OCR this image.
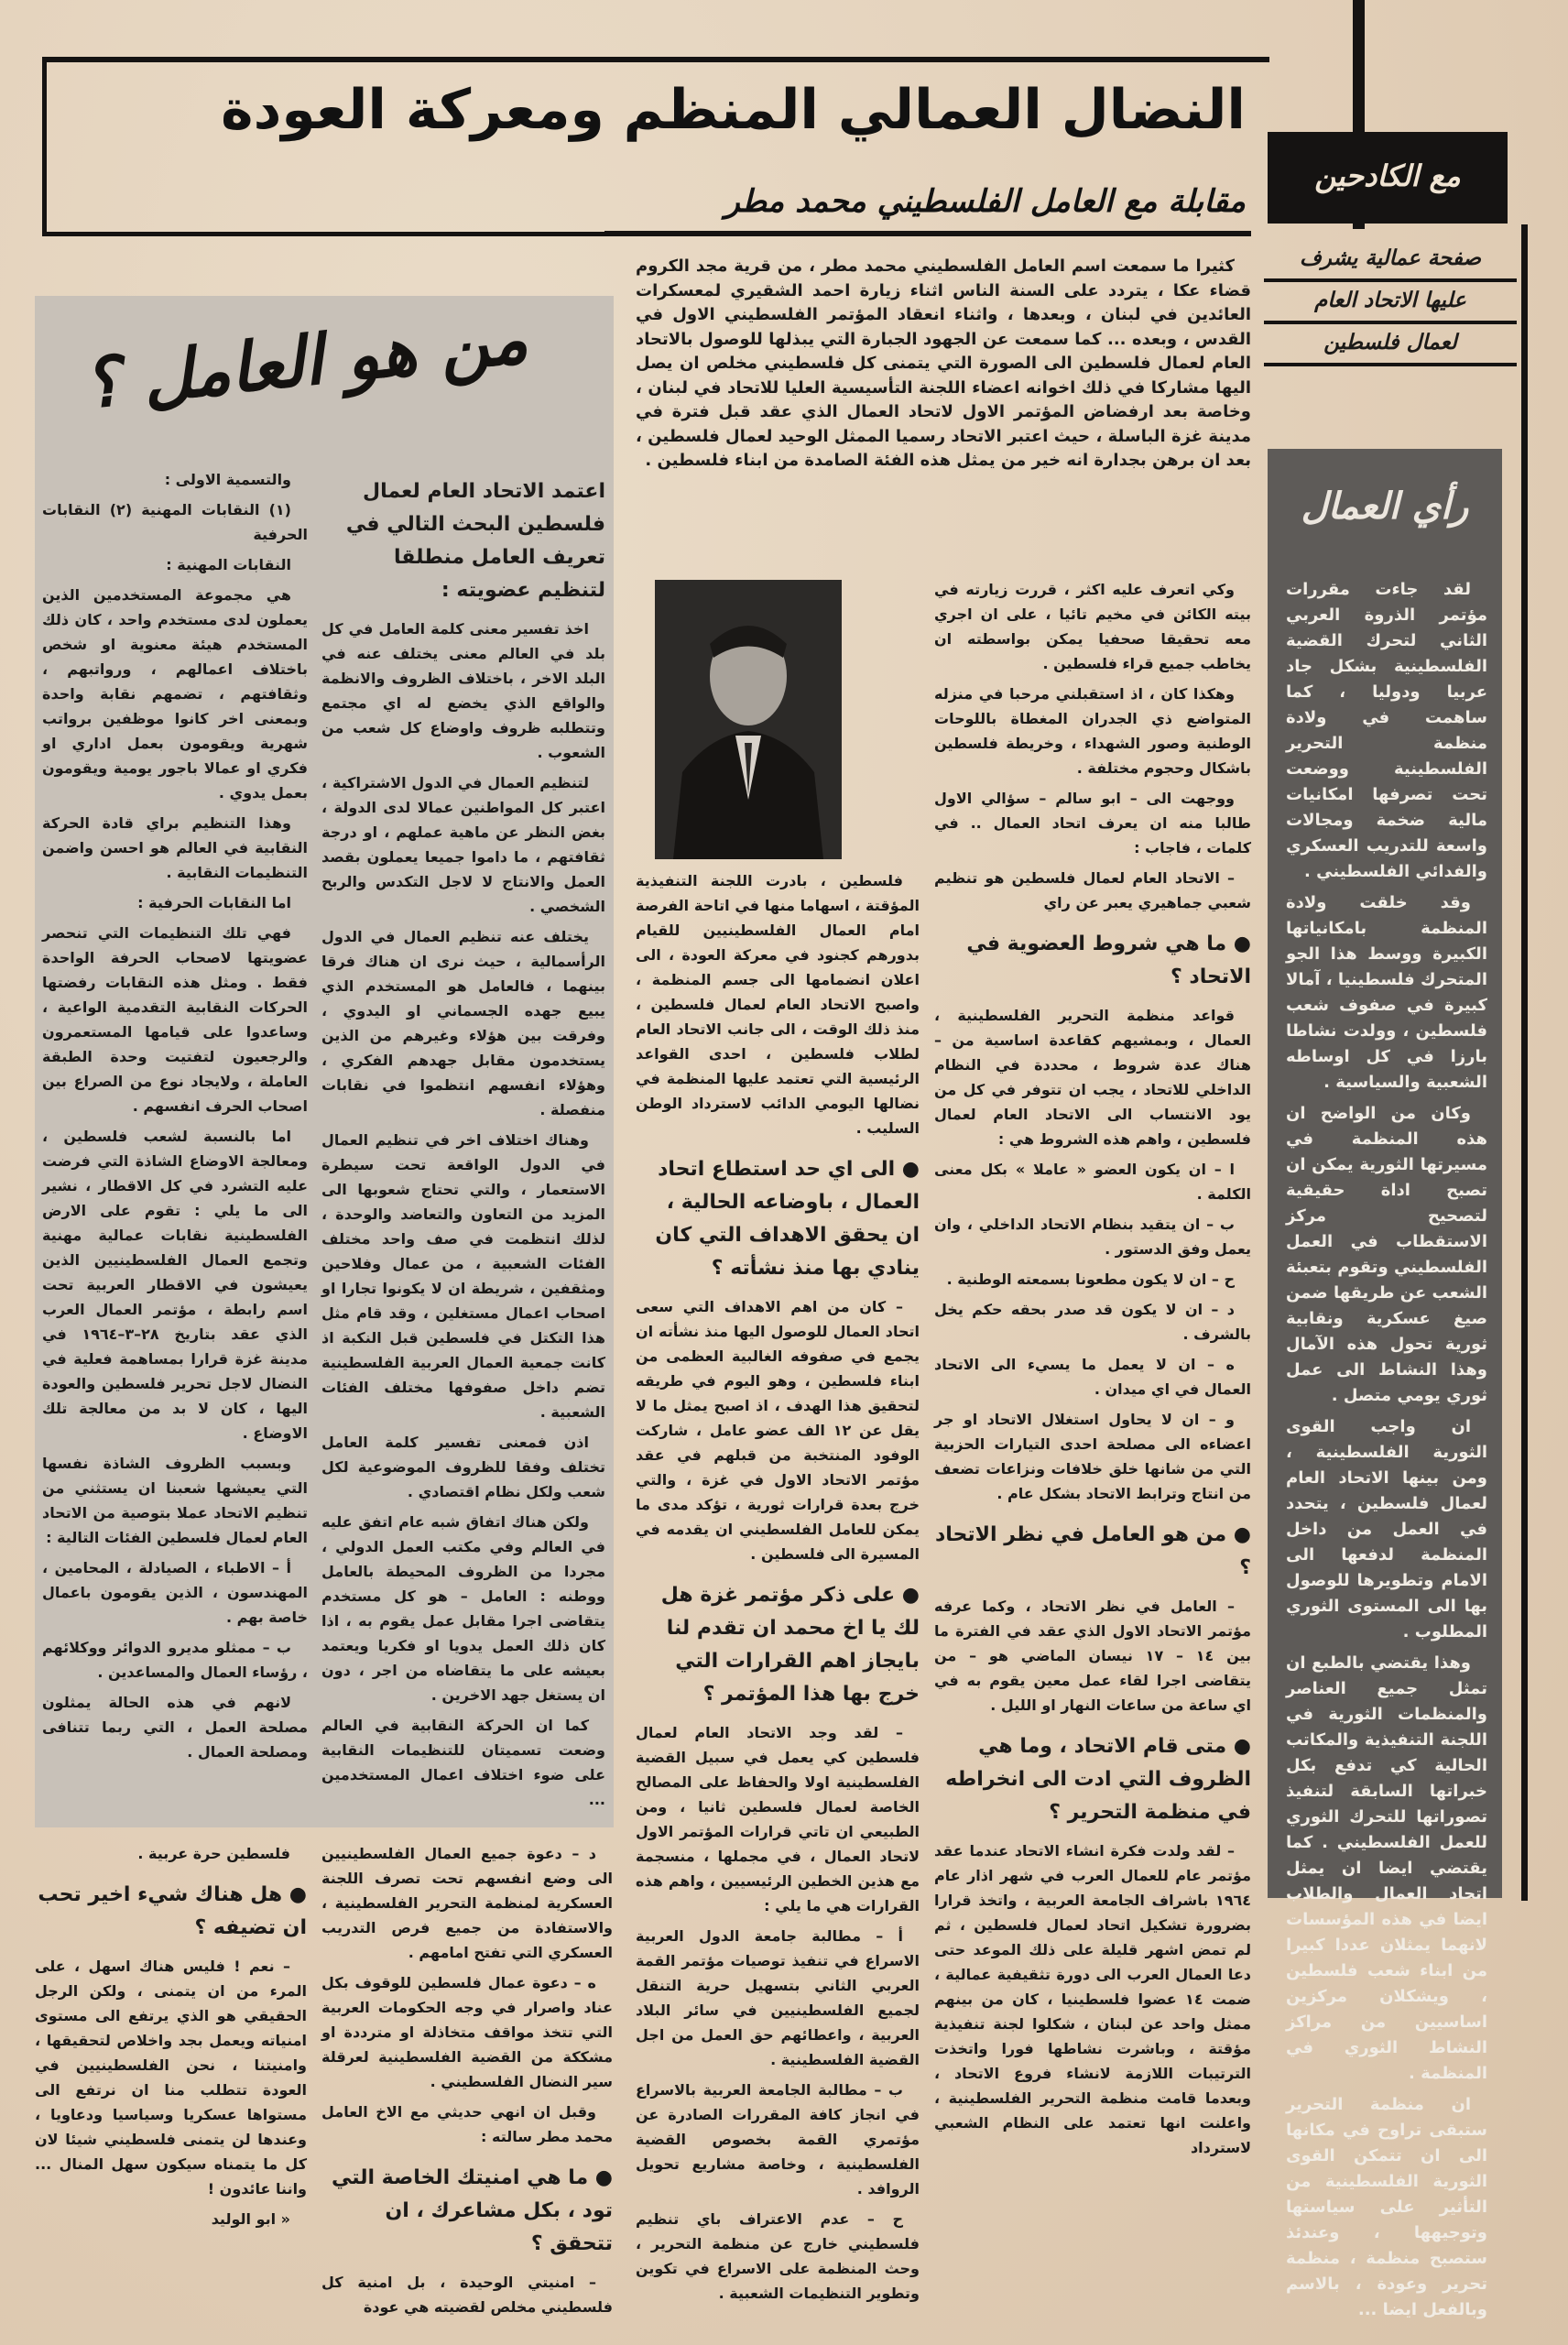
النضال العمالي المنظم ومعركة العودة
مقابلة مع العامل الفلسطيني محمد مطر
مع الكادحين
صفحة عمالية يشرف
عليها الاتحاد العام
لعمال فلسطين

كثيرا ما سمعت اسم العامل الفلسطيني محمد مطر ، من قرية مجد الكروم قضاء عكا ، يتردد على السنة الناس اثناء زيارة احمد الشقيري لمعسكرات العائدين في لبنان ، وبعدها ، واثناء انعقاد المؤتمر الفلسطيني الاول في القدس ، وبعده ... كما سمعت عن الجهود الجبارة التي يبذلها للوصول بالاتحاد العام لعمال فلسطين الى الصورة التي يتمنى كل فلسطيني مخلص ان يصل اليها مشاركا في ذلك اخوانه اعضاء اللجنة التأسيسية العليا للاتحاد في لبنان ، وخاصة بعد ارفضاض المؤتمر الاول لاتحاد العمال الذي عقد قبل فترة في مدينة غزة الباسلة ، حيث اعتبر الاتحاد رسميا الممثل الوحيد لعمال فلسطين ، بعد ان برهن بجدارة انه خير من يمثل هذه الفئة الصامدة من ابناء فلسطين .

فلسطين ، بادرت اللجنة التنفيذية المؤقتة ، اسهاما منها في اتاحة الفرصة امام العمال الفلسطينيين للقيام بدورهم كجنود في معركة العودة ، الى اعلان انضمامها الى جسم المنظمة ، واصبح الاتحاد العام لعمال فلسطين ، منذ ذلك الوقت ، الى جانب الاتحاد العام لطلاب فلسطين ، احدى القواعد الرئيسية التي تعتمد عليها المنظمة في نضالها اليومي الدائب لاسترداد الوطن السليب .

● الى اي حد استطاع اتحاد العمال ، باوضاعه الحالية ، ان يحقق الاهداف التي كان ينادي بها منذ نشأته ؟

– كان من اهم الاهداف التي سعى اتحاد العمال للوصول اليها منذ نشأته ان يجمع في صفوفه الغالبية العظمى من ابناء فلسطين ، وهو اليوم في طريقه لتحقيق هذا الهدف ، اذ اصبح يمثل ما لا يقل عن ١٢ الف عضو عامل ، شاركت الوفود المنتخبة من قبلهم في عقد مؤتمر الاتحاد الاول في غزة ، والتي خرج بعدة قرارات ثورية ، تؤكد مدى ما يمكن للعامل الفلسطيني ان يقدمه في المسيرة الى فلسطين .

● على ذكر مؤتمر غزة هل لك يا اخ محمد ان تقدم لنا بايجاز اهم القرارات التي خرج بها هذا المؤتمر ؟

– لقد وجد الاتحاد العام لعمال فلسطين كي يعمل في سبيل القضية الفلسطينية اولا والحفاظ على المصالح الخاصة لعمال فلسطين ثانيا ، ومن الطبيعي ان تاتي قرارات المؤتمر الاول لاتحاد العمال ، في مجملها ، منسجمة مع هذين الخطين الرئيسيين ، واهم هذه القرارات هي ما يلي :

أ – مطالبة جامعة الدول العربية الاسراع في تنفيذ توصيات مؤتمر القمة العربي الثاني بتسهيل حرية التنقل لجميع الفلسطينيين في سائر البلاد العربية ، واعطائهم حق العمل من اجل القضية الفلسطينية .

ب – مطالبة الجامعة العربية بالاسراع في انجاز كافة المقررات الصادرة عن مؤتمري القمة بخصوص القضية الفلسطينية ، وخاصة مشاريع تحويل الروافد .

ح – عدم الاعتراف باي تنظيم فلسطيني خارج عن منظمة التحرير ، وحث المنظمة على الاسراع في تكوين وتطوير التنظيمات الشعبية .

وكي اتعرف عليه اكثر ، قررت زيارته في بيته الكائن في مخيم تائيا ، على ان اجري معه تحقيقا صحفيا يمكن بواسطته ان يخاطب جميع قراء فلسطين .

وهكذا كان ، اذ استقبلني مرحبا في منزله المتواضع ذي الجدران المغطاة باللوحات الوطنية وصور الشهداء ، وخريطة فلسطين باشكال وحجوم مختلفة .

ووجهت الى – ابو سالم – سؤالي الاول طالبا منه ان يعرف اتحاد العمال .. في كلمات ، فاجاب :

– الاتحاد العام لعمال فلسطين هو تنظيم شعبي جماهيري يعبر عن راي

● ما هي شروط العضوية في الاتحاد ؟

قواعد منظمة التحرير الفلسطينية ، العمال ، وبمشيهم كقاعدة اساسية من – هناك عدة شروط ، محددة في النظام الداخلي للاتحاد ، يجب ان تتوفر في كل من يود الانتساب الى الاتحاد العام لعمال فلسطين ، واهم هذه الشروط هي :

ا – ان يكون العضو « عاملا » بكل معنى الكلمة .

ب – ان يتقيد بنظام الاتحاد الداخلي ، وان يعمل وفق الدستور .

ح – ان لا يكون مطعونا بسمعته الوطنية .

د – ان لا يكون قد صدر بحقه حكم يخل بالشرف .

ه – ان لا يعمل ما يسيء الى الاتحاد العمال في اي ميدان .

و – ان لا يحاول استغلال الاتحاد او جر اعضاءه الى مصلحة احدى التيارات الحزبية التي من شانها خلق خلافات ونزاعات تضعف من انتاج وترابط الاتحاد بشكل عام .

● من هو العامل في نظر الاتحاد ؟

– العامل في نظر الاتحاد ، وكما عرفه مؤتمر الاتحاد الاول الذي عقد في الفترة ما بين ١٤ – ١٧ نيسان الماضي هو – من يتقاضى اجرا لقاء عمل معين يقوم به في اي ساعة من ساعات النهار او الليل .

● متى قام الاتحاد ، وما هي الظروف التي ادت الى انخراطه في منظمة التحرير ؟

– لقد ولدت فكرة انشاء الاتحاد عندما عقد مؤتمر عام للعمال العرب في شهر اذار عام ١٩٦٤ باشراف الجامعة العربية ، واتخذ قرارا بضرورة تشكيل اتحاد لعمال فلسطين ، ثم لم تمض اشهر قليلة على ذلك الموعد حتى دعا العمال العرب الى دورة تثقيفية عمالية ، ضمت ١٤ عضوا فلسطينيا ، كان من بينهم ممثل واحد عن لبنان ، شكلوا لجنة تنفيذية مؤقتة ، وباشرت نشاطها فورا واتخذت الترتيبات اللازمة لانشاء فروع الاتحاد ، وبعدما قامت منظمة التحرير الفلسطينية ، واعلنت انها تعتمد على النظام الشعبي لاسترداد

من هو العامل ؟
اعتمد الاتحاد العام لعمال فلسطين البحث التالي في تعريف العامل منطلقا لتنظيم عضويته :

اخذ تفسير معنى كلمة العامل في كل بلد في العالم معنى يختلف عنه في البلد الاخر ، باختلاف الظروف والانظمة والواقع الذي يخضع له اي مجتمع وتتطلبه ظروف واوضاع كل شعب من الشعوب .

لتنظيم العمال في الدول الاشتراكية ، اعتبر كل المواطنين عمالا لدى الدولة ، بغض النظر عن ماهية عملهم ، او درجة ثقافتهم ، ما داموا جميعا يعملون بقصد العمل والانتاج لا لاجل التكدس والربح الشخصي .

يختلف عنه تنظيم العمال في الدول الرأسمالية ، حيث نرى ان هناك فرقا بينهما ، فالعامل هو المستخدم الذي يبيع جهده الجسماني او اليدوي ، وفرقت بين هؤلاء وغيرهم من الذين يستخدمون مقابل جهدهم الفكري ، وهؤلاء انفسهم انتظموا في نقابات منفصلة .

وهناك اختلاف اخر في تنظيم العمال في الدول الواقعة تحت سيطرة الاستعمار ، والتي تحتاج شعوبها الى المزيد من التعاون والتعاضد والوحدة ، لذلك انتظمت في صف واحد مختلف الفئات الشعبية ، من عمال وفلاحين ومثقفين ، شريطة ان لا يكونوا تجارا او اصحاب اعمال مستغلين ، وقد قام مثل هذا التكتل في فلسطين قبل النكبة اذ كانت جمعية العمال العربية الفلسطينية تضم داخل صفوفها مختلف الفئات الشعبية .

اذن فمعنى تفسير كلمة العامل تختلف وفقا للظروف الموضوعية لكل شعب ولكل نظام اقتصادي .

ولكن هناك اتفاق شبه عام اتفق عليه في العالم وفي مكتب العمل الدولي ، مجردا من الظروف المحيطة بالعامل ووطنه : العامل – هو كل مستخدم يتقاضى اجرا مقابل عمل يقوم به ، اذا كان ذلك العمل يدويا او فكريا ويعتمد بعيشه على ما يتقاضاه من اجر ، دون ان يستغل جهد الاخرين .

كما ان الحركة النقابية في العالم وضعت تسميتان للتنظيمات النقابية على ضوء اختلاف اعمال المستخدمين ...

والتسمية الاولى :

(١) النقابات المهنية (٢) النقابات الحرفية

النقابات المهنية :

هي مجموعة المستخدمين الذين يعملون لدى مستخدم واحد ، كان ذلك المستخدم هيئة معنوية او شخص باختلاف اعمالهم ، ورواتبهم ، وثقافتهم ، تضمهم نقابة واحدة وبمعنى اخر كانوا موظفين برواتب شهرية ويقومون بعمل اداري او فكري او عمالا باجور يومية ويقومون بعمل يدوي .

وهذا التنظيم براي قادة الحركة النقابية في العالم هو احسن واضمن التنظيمات النقابية .

اما النقابات الحرفية :

فهي تلك التنظيمات التي تنحصر عضويتها لاصحاب الحرفة الواحدة فقط . ومثل هذه النقابات رفضتها الحركات النقابية التقدمية الواعية ، وساعدوا على قيامها المستعمرون والرجعيون لتفتيت وحدة الطبقة العاملة ، ولايجاد نوع من الصراع بين اصحاب الحرف انفسهم .

اما بالنسبة لشعب فلسطين ، ومعالجة الاوضاع الشاذة التي فرضت عليه التشرد في كل الاقطار ، نشير الى ما يلي : تقوم على الارض الفلسطينية نقابات عمالية مهنية وتجمع العمال الفلسطينيين الذين يعيشون في الاقطار العربية تحت اسم رابطة ، مؤتمر العمال العرب الذي عقد بتاريخ ٢٨–٣–١٩٦٤ في مدينة غزة قرارا بمساهمة فعلية في النضال لاجل تحرير فلسطين والعودة اليها ، كان لا بد من معالجة تلك الاوضاع .

وبسبب الظروف الشاذة نفسها التي يعيشها شعبنا ان يستثني من تنظيم الاتحاد عملا بتوصية من الاتحاد العام لعمال فلسطين الفئات التالية :

أ – الاطباء ، الصيادلة ، المحامين ، المهندسون ، الذين يقومون باعمال خاصة بهم .

ب – ممثلو مديرو الدوائر ووكلائهم ، رؤساء العمال والمساعدين .

لانهم في هذه الحالة يمثلون مصلحة العمل ، التي ربما تتنافى ومصلحة العمال .

د – دعوة جميع العمال الفلسطينيين الى وضع انفسهم تحت تصرف اللجنة العسكرية لمنظمة التحرير الفلسطينية ، والاستفادة من جميع فرص التدريب العسكري التي تفتح امامهم .

ه – دعوة عمال فلسطين للوقوف بكل عناد واصرار في وجه الحكومات العربية التي تتخذ مواقف متخاذلة او مترددة او مشككة من القضية الفلسطينية لعرقلة سير النضال الفلسطيني .

وقبل ان انهي حديثي مع الاخ العامل محمد مطر سالته :

● ما هي امنيتك الخاصة التي تود ، بكل مشاعرك ، ان تتحقق ؟

– امنيتي الوحيدة ، بل امنية كل فلسطيني مخلص لقضيته هي عودة

فلسطين حرة عربية .

● هل هناك شيء اخير تحب ان تضيفه ؟

– نعم ! فليس هناك اسهل ، على المرء من ان يتمنى ، ولكن الرجل الحقيقي هو الذي يرتفع الى مستوى امنياته ويعمل بجد واخلاص لتحقيقها ، وامنيتنا ، نحن الفلسطينيين في العودة تتطلب منا ان نرتفع الى مستواها عسكريا وسياسيا ودعاويا ، وعندها لن يتمنى فلسطيني شيئا لان كل ما يتمناه سيكون سهل المنال ... واننا عائدون !

« ابو الوليد

رأي العمال

لقد جاءت مقررات مؤتمر الذروة العربي الثاني لتحرك القضية الفلسطينية بشكل جاد عربيا ودوليا ، كما ساهمت في ولادة منظمة التحرير الفلسطينية ووضعت تحت تصرفها امكانيات مالية ضخمة ومجالات واسعة للتدريب العسكري والفدائي الفلسطيني .

وقد خلقت ولادة المنظمة بامكانياتها الكبيرة ووسط هذا الجو المتحرك فلسطينيا ، آمالا كبيرة في صفوف شعب فلسطين ، وولدت نشاطا بارزا في كل اوساطه الشعبية والسياسية .

وكان من الواضح ان هذه المنظمة في مسيرتها الثورية يمكن ان تصبح اداة حقيقية لتصحيح مركز الاستقطاب في العمل الفلسطيني وتقوم بتعبئة الشعب عن طريقها ضمن صيغ عسكرية ونقابية ثورية تحول هذه الآمال وهذا النشاط الى عمل ثوري يومي متصل .

ان واجب القوى الثورية الفلسطينية ، ومن بينها الاتحاد العام لعمال فلسطين ، يتحدد في العمل من داخل المنظمة لدفعها الى الامام وتطويرها للوصول بها الى المستوى الثوري المطلوب .

وهذا يقتضي بالطبع ان تمثل جميع العناصر والمنظمات الثورية في اللجنة التنفيذية والمكاتب الحالية كي تدفع بكل خبراتها السابقة لتنفيذ تصوراتها للتحرك الثوري للعمل الفلسطيني . كما يقتضي ايضا ان يمثل اتحاد العمال والطلاب ايضا في هذه المؤسسات لانهما يمثلان عددا كبيرا من ابناء شعب فلسطين ، ويشكلان مركزين اساسيين من مراكز النشاط الثوري في المنظمة .

ان منظمة التحرير ستبقى تراوح في مكانها الى ان تتمكن القوى الثورية الفلسطينية من التأثير على سياستها وتوجيهها ، وعندئذ ستصبح منظمة ، منظمة تحرير وعودة ، بالاسم وبالفعل ايضا ...
